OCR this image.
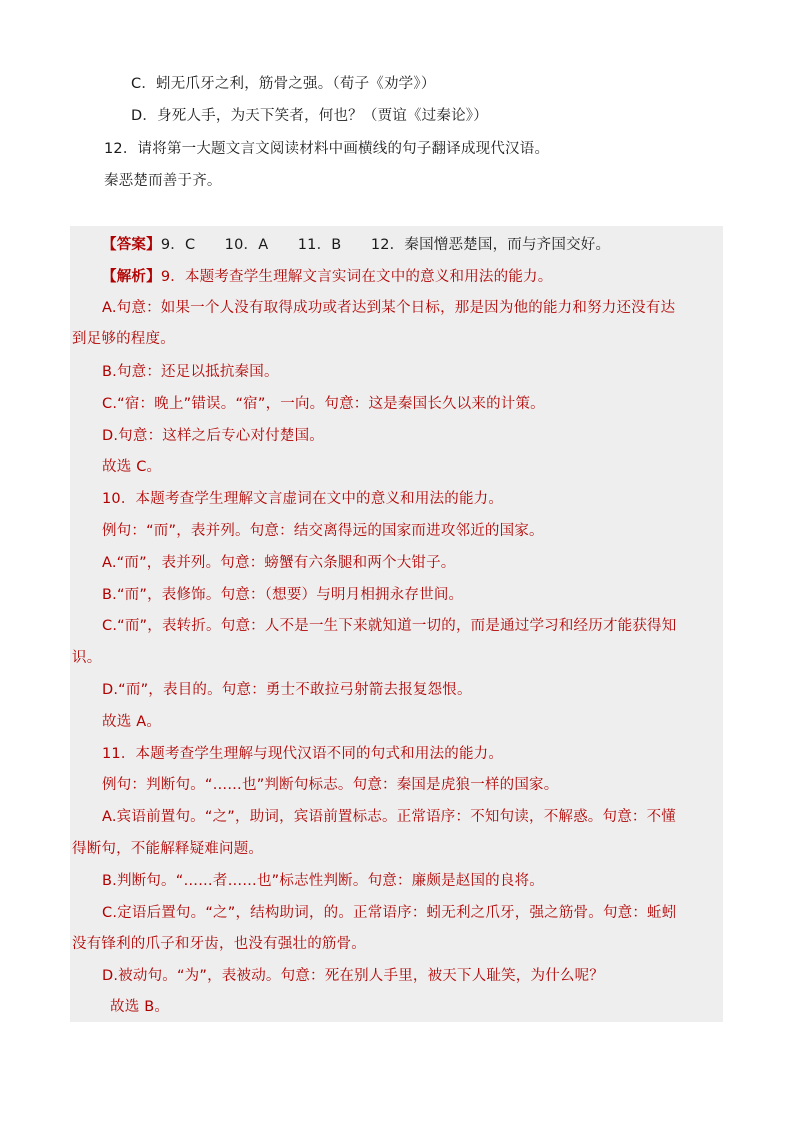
C．蚓无爪牙之利，筋骨之强。（荀子《劝学》）
D．身死人手，为天下笑者，何也？（贾谊《过秦论》）
12．请将第一大题文言文阅读材料中画横线的句子翻译成现代汉语。
秦恶楚而善于齐。
【答案】9．C　　10．A　　11．B　　12．秦国憎恶楚国，而与齐国交好。
【解析】9．本题考查学生理解文言实词在文中的意义和用法的能力。
A.句意：如果一个人没有取得成功或者达到某个日标，那是因为他的能力和努力还没有达
到足够的程度。
B.句意：还足以抵抗秦国。
C.“宿：晚上”错误。“宿”，一向。句意：这是秦国长久以来的计策。
D.句意：这样之后专心对付楚国。
故选 C。
10．本题考查学生理解文言虚词在文中的意义和用法的能力。
例句：“而”，表并列。句意：结交离得远的国家而进攻邻近的国家。
A.“而”，表并列。句意：螃蟹有六条腿和两个大钳子。
B.“而”，表修饰。句意：（想要）与明月相拥永存世间。
C.“而”，表转折。句意：人不是一生下来就知道一切的，而是通过学习和经历才能获得知
识。
D.“而”，表目的。句意：勇士不敢拉弓射箭去报复怨恨。
故选 A。
11．本题考查学生理解与现代汉语不同的句式和用法的能力。
例句：判断句。“……也”判断句标志。句意：秦国是虎狼一样的国家。
A.宾语前置句。“之”，助词，宾语前置标志。正常语序：不知句读，不解惑。句意：不懂
得断句，不能解释疑难问题。
B.判断句。“……者……也”标志性判断。句意：廉颇是赵国的良将。
C.定语后置句。“之”，结构助词，的。正常语序：蚓无利之爪牙，强之筋骨。句意：蚯蚓
没有锋利的爪子和牙齿，也没有强壮的筋骨。
D.被动句。“为”，表被动。句意：死在别人手里，被天下人耻笑，为什么呢？
故选 B。
